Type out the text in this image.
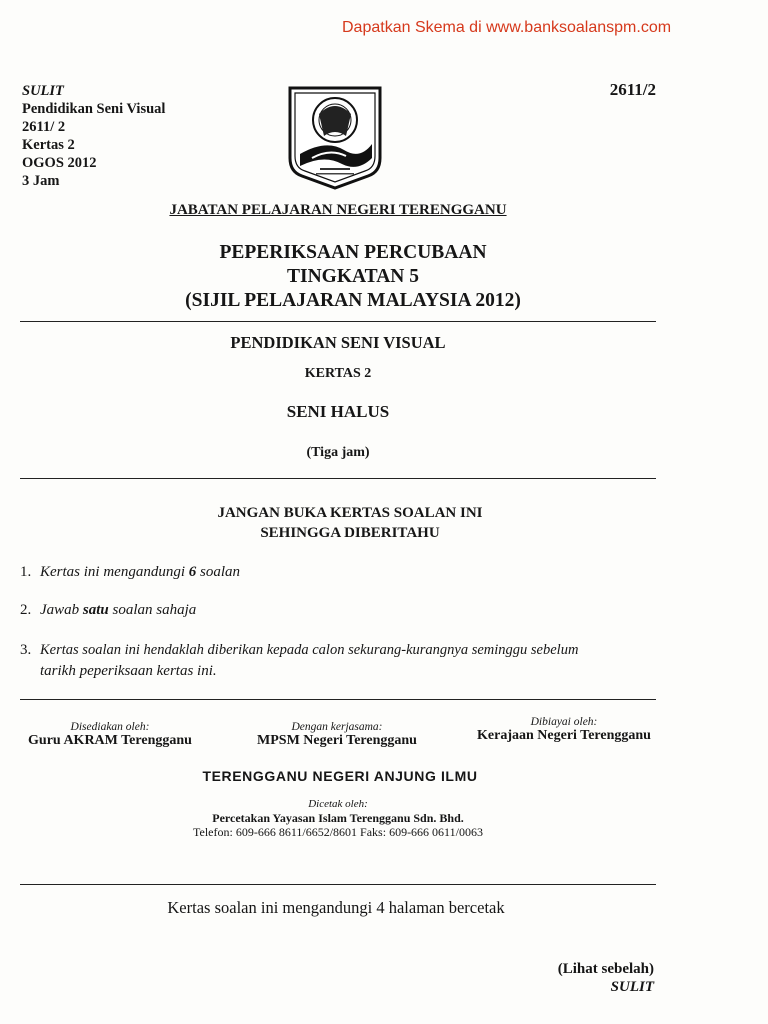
Dapatkan Skema di www.banksoalanspm.com
SULIT
Pendidikan Seni Visual
2611/ 2
Kertas 2
OGOS 2012
3 Jam
2611/2
JABATAN PELAJARAN NEGERI TERENGGANU
PEPERIKSAAN PERCUBAAN
TINGKATAN 5
(SIJIL PELAJARAN MALAYSIA 2012)
PENDIDIKAN SENI VISUAL
KERTAS 2
SENI HALUS
(Tiga jam)
JANGAN BUKA KERTAS SOALAN INI
SEHINGGA DIBERITAHU
1. Kertas ini mengandungi 6 soalan
2. Jawab satu soalan sahaja
3. Kertas soalan ini hendaklah diberikan kepada calon sekurang-kurangnya seminggu sebelum
tarikh peperiksaan kertas ini.
Disediakan oleh:
Guru AKRAM Terengganu
Dengan kerjasama:
MPSM Negeri Terengganu
Dibiayai oleh:
Kerajaan Negeri Terengganu
TERENGGANU NEGERI ANJUNG ILMU
Dicetak oleh:
Percetakan Yayasan Islam Terengganu Sdn. Bhd.
Telefon: 609-666 8611/6652/8601 Faks: 609-666 0611/0063
Kertas soalan ini mengandungi 4 halaman bercetak
(Lihat sebelah)
SULIT
